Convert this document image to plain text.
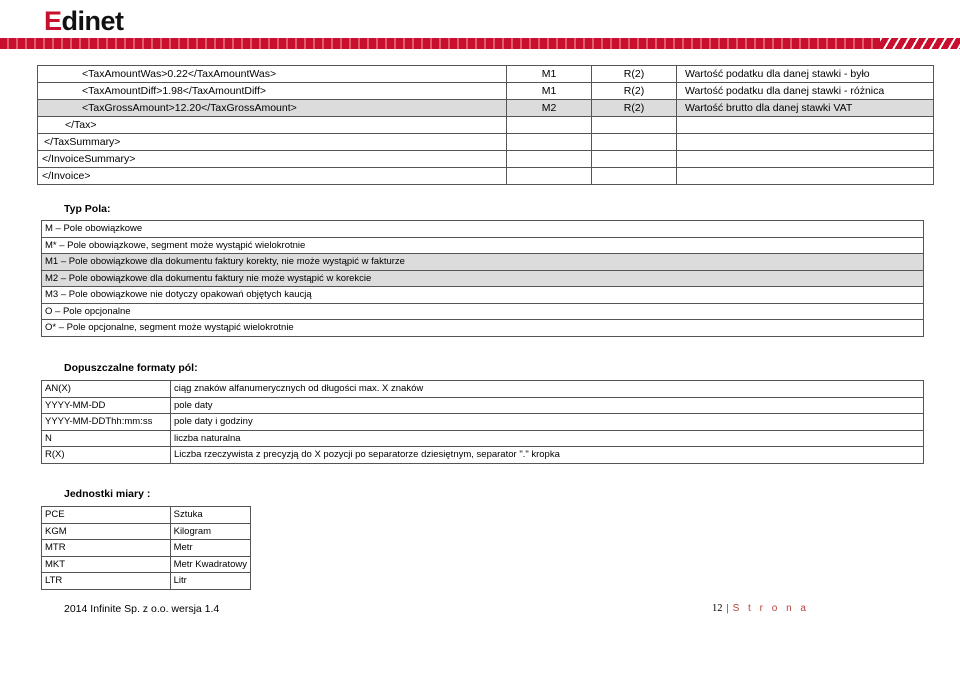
Edinet
<TaxAmountWas>0.22</TaxAmountWas>	M1	R(2)	Wartość podatku dla danej stawki - było
<TaxAmountDiff>1.98</TaxAmountDiff>	M1	R(2)	Wartość podatku dla danej stawki - różnica
<TaxGrossAmount>12.20</TaxGrossAmount>	M2	R(2)	Wartość brutto dla danej stawki VAT
</Tax>			
</TaxSummary>			
</InvoiceSummary>			
</Invoice>			
Typ Pola:
M – Pole obowiązkowe
M* – Pole obowiązkowe, segment może wystąpić wielokrotnie
M1 – Pole obowiązkowe dla dokumentu faktury korekty, nie może wystąpić w fakturze
M2 – Pole obowiązkowe dla dokumentu faktury nie może wystąpić w korekcie
M3 – Pole obowiązkowe nie dotyczy opakowań objętych kaucją
O – Pole opcjonalne
O* – Pole opcjonalne, segment może wystąpić wielokrotnie
Dopuszczalne formaty pól:
AN(X)	ciąg znaków alfanumerycznych od długości max. X znaków
YYYY-MM-DD	pole daty
YYYY-MM-DDThh:mm:ss	pole daty i godziny
N	liczba naturalna
R(X)	Liczba rzeczywista z precyzją do X pozycji po separatorze dziesiętnym, separator "." kropka
Jednostki miary :
PCE	Sztuka
KGM	Kilogram
MTR	Metr
MKT	Metr Kwadratowy
LTR	Litr
2014 Infinite Sp. z o.o. wersja 1.4	12 | S t r o n a
